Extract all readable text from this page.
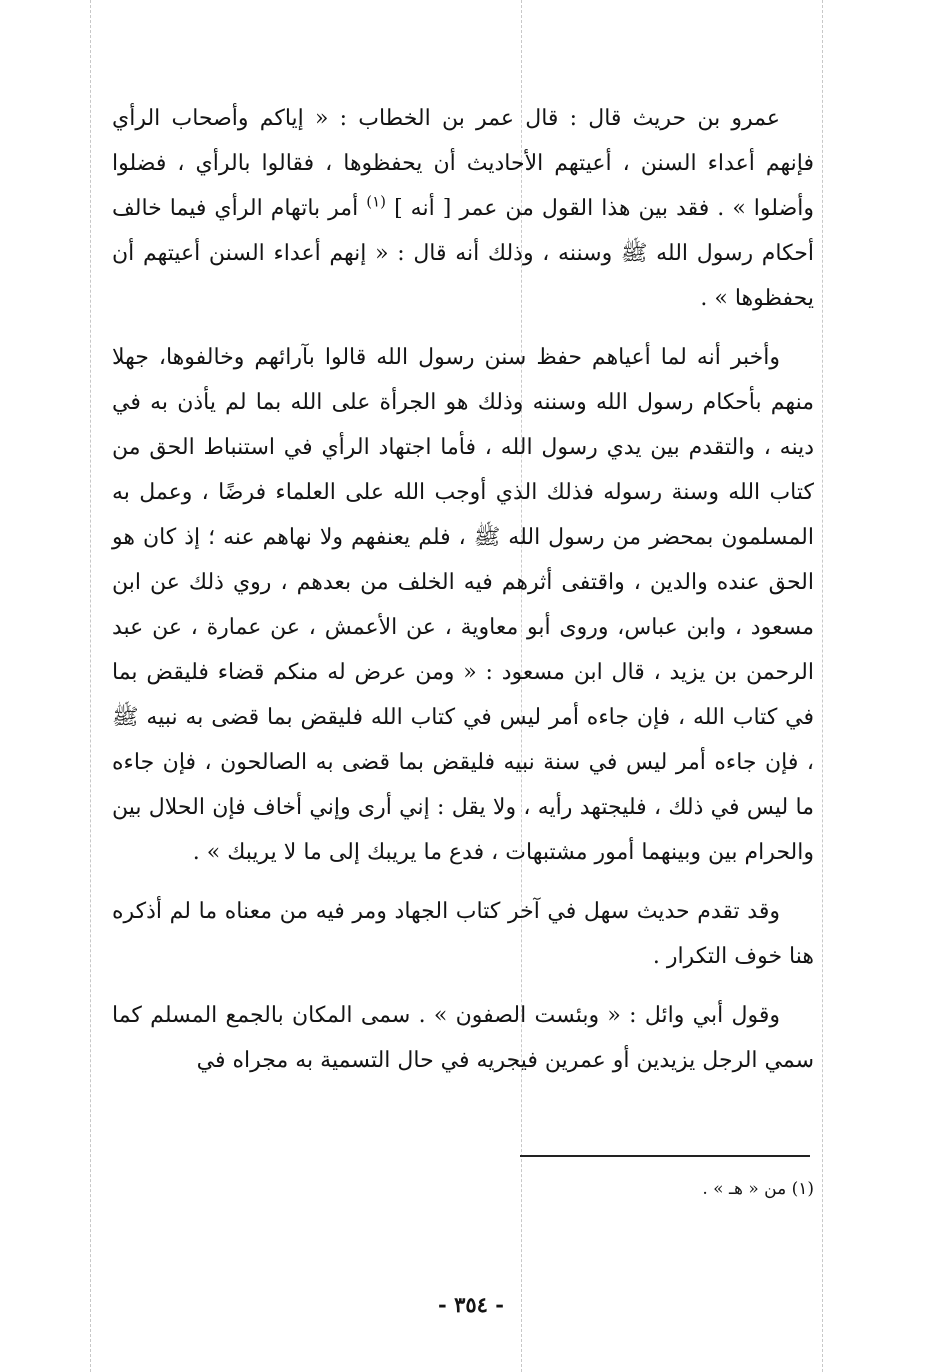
عمرو بن حريث قال : قال عمر بن الخطاب : « إياكم وأصحاب الرأي فإنهم أعداء السنن ، أعيتهم الأحاديث أن يحفظوها ، فقالوا بالرأي ، فضلوا وأضلوا » . فقد بين هذا القول من عمر [ أنه ] $^{(١)}$ أمر باتهام الرأي فيما خالف أحكام رسول الله ﷺ وسننه ، وذلك أنه قال : « إنهم أعداء السنن أعيتهم أن يحفظوها » .

وأخبر أنه لما أعياهم حفظ سنن رسول الله قالوا بآرائهم وخالفوها، جهلا منهم بأحكام رسول الله وسننه وذلك هو الجرأة على الله بما لم يأذن به في دينه ، والتقدم بين يدي رسول الله ، فأما اجتهاد الرأي في استنباط الحق من كتاب الله وسنة رسوله فذلك الذي أوجب الله على العلماء فرضًا ، وعمل به المسلمون بمحضر من رسول الله ﷺ ، فلم يعنفهم ولا نهاهم عنه ؛ إذ كان هو الحق عنده والدين ، واقتفى أثرهم فيه الخلف من بعدهم ، روي ذلك عن ابن مسعود ، وابن عباس، وروى أبو معاوية ، عن الأعمش ، عن عمارة ، عن عبد الرحمن بن يزيد ، قال ابن مسعود : « ومن عرض له منكم قضاء فليقض بما في كتاب الله ، فإن جاءه أمر ليس في كتاب الله فليقض بما قضى به نبيه ﷺ ، فإن جاءه أمر ليس في سنة نبيه فليقض بما قضى به الصالحون ، فإن جاءه ما ليس في ذلك ، فليجتهد رأيه ، ولا يقل : إني أرى وإني أخاف فإن الحلال بين والحرام بين وبينهما أمور مشتبهات ، فدع ما يريبك إلى ما لا يريبك » .

وقد تقدم حديث سهل في آخر كتاب الجهاد ومر فيه من معناه ما لم أذكره هنا خوف التكرار .

وقول أبي وائل : « وبئست الصفون » . سمى المكان بالجمع المسلم كما سمي الرجل يزيدين أو عمرين فيجريه في حال التسمية به مجراه في

(١) من « هـ » .
- ٣٥٤ -
